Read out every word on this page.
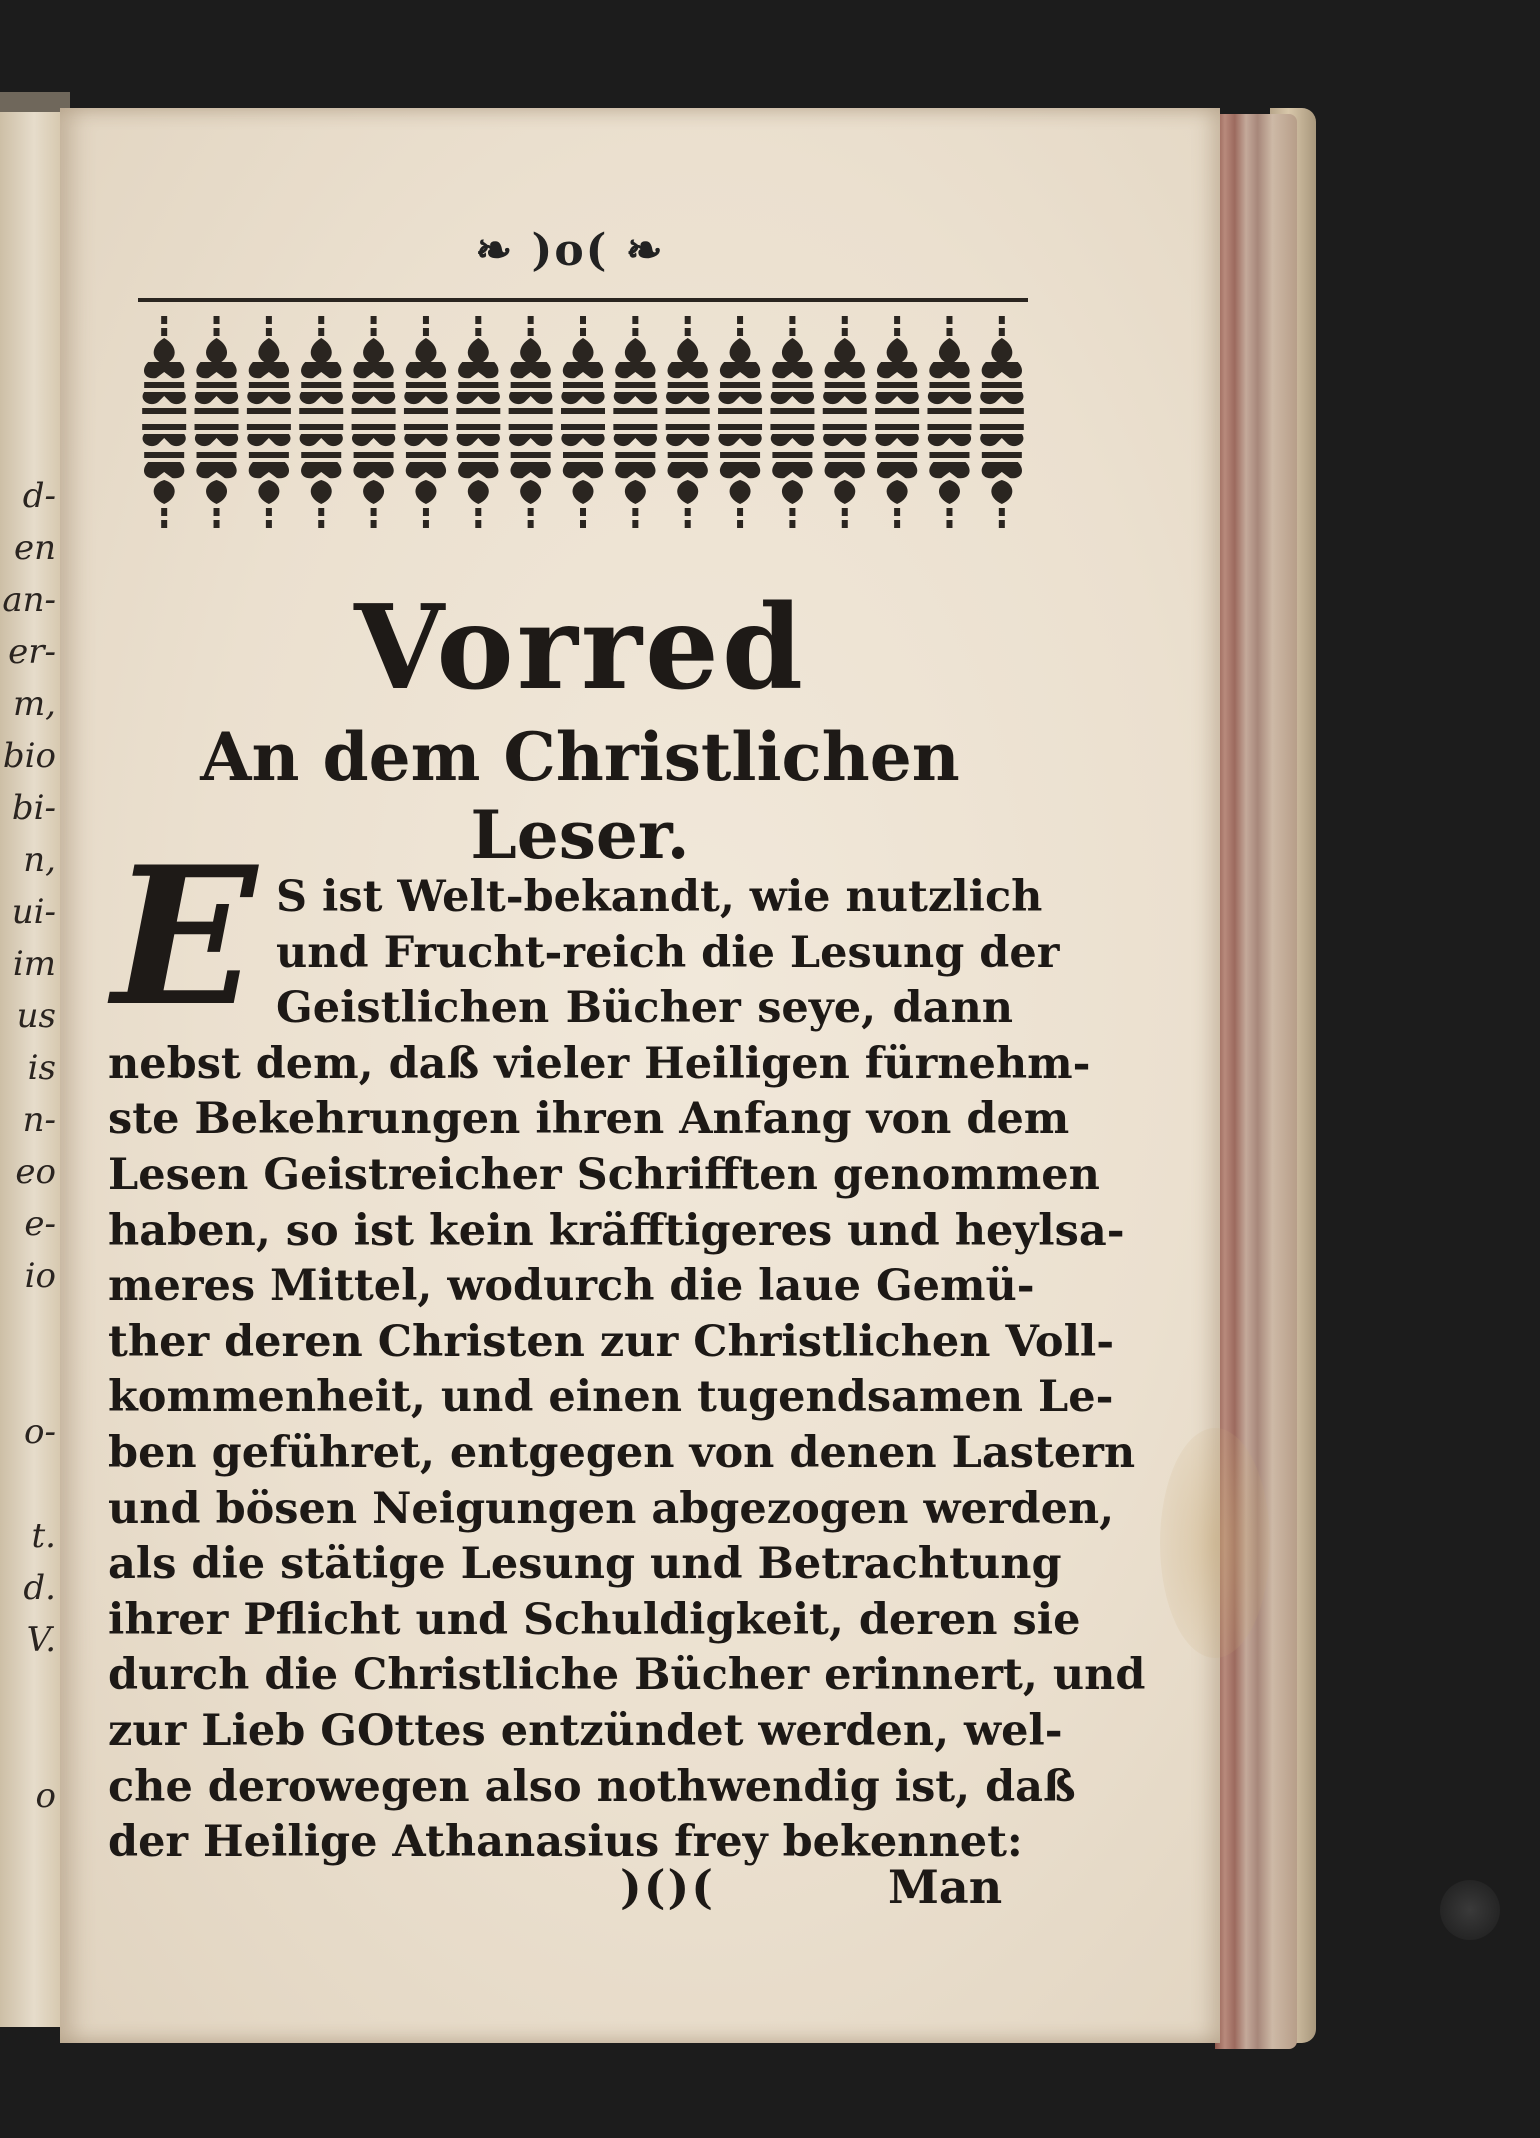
d-
en
an-
er-
m,
bio
bi-
n,
ui-
im
us
is
n-
eo
e-
io
o-
t.
d.
V.
o
❧ )o( ❧
Vorred
An dem Christlichen Leser.
E S ist Welt-bekandt, wie nutzlich
und Frucht-reich die Lesung der
Geistlichen Bücher seye, dann
nebst dem, daß vieler Heiligen fürnehm-
ste Bekehrungen ihren Anfang von dem
Lesen Geistreicher Schrifften genommen
haben, so ist kein kräfftigeres und heylsa-
meres Mittel, wodurch die laue Gemü-
ther deren Christen zur Christlichen Voll-
kommenheit, und einen tugendsamen Le-
ben geführet, entgegen von denen Lastern
und bösen Neigungen abgezogen werden,
als die stätige Lesung und Betrachtung
ihrer Pflicht und Schuldigkeit, deren sie
durch die Christliche Bücher erinnert, und
zur Lieb GOttes entzündet werden, wel-
che derowegen also nothwendig ist, daß
der Heilige Athanasius frey bekennet:
)()(	Man
